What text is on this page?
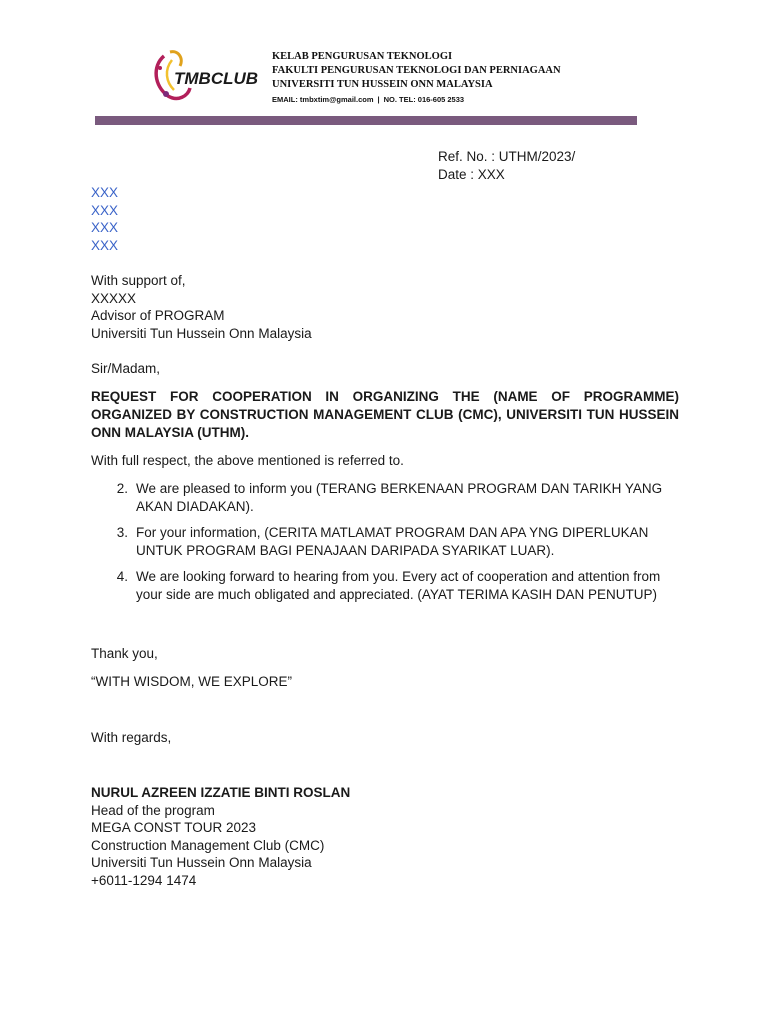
TMBCLUB
KELAB PENGURUSAN TEKNOLOGI
FAKULTI PENGURUSAN TEKNOLOGI DAN PERNIAGAAN
UNIVERSITI TUN HUSSEIN ONN MALAYSIA
EMAIL: tmbxtim@gmail.com | NO. TEL: 016-605 2533
Ref. No. : UTHM/2023/
Date : XXX
XXX
XXX
XXX
XXX
With support of,
XXXXX
Advisor of PROGRAM
Universiti Tun Hussein Onn Malaysia
Sir/Madam,
REQUEST FOR COOPERATION IN ORGANIZING THE (NAME OF PROGRAMME) ORGANIZED BY CONSTRUCTION MANAGEMENT CLUB (CMC), UNIVERSITI TUN HUSSEIN ONN MALAYSIA (UTHM).
With full respect, the above mentioned is referred to.
2. We are pleased to inform you (TERANG BERKENAAN PROGRAM DAN TARIKH YANG AKAN DIADAKAN).
3. For your information, (CERITA MATLAMAT PROGRAM DAN APA YNG DIPERLUKAN UNTUK PROGRAM BAGI PENAJAAN DARIPADA SYARIKAT LUAR).
4. We are looking forward to hearing from you. Every act of cooperation and attention from your side are much obligated and appreciated. (AYAT TERIMA KASIH DAN PENUTUP)
Thank you,
“WITH WISDOM, WE EXPLORE”
With regards,
NURUL AZREEN IZZATIE BINTI ROSLAN
Head of the program
MEGA CONST TOUR 2023
Construction Management Club (CMC)
Universiti Tun Hussein Onn Malaysia
+6011-1294 1474
